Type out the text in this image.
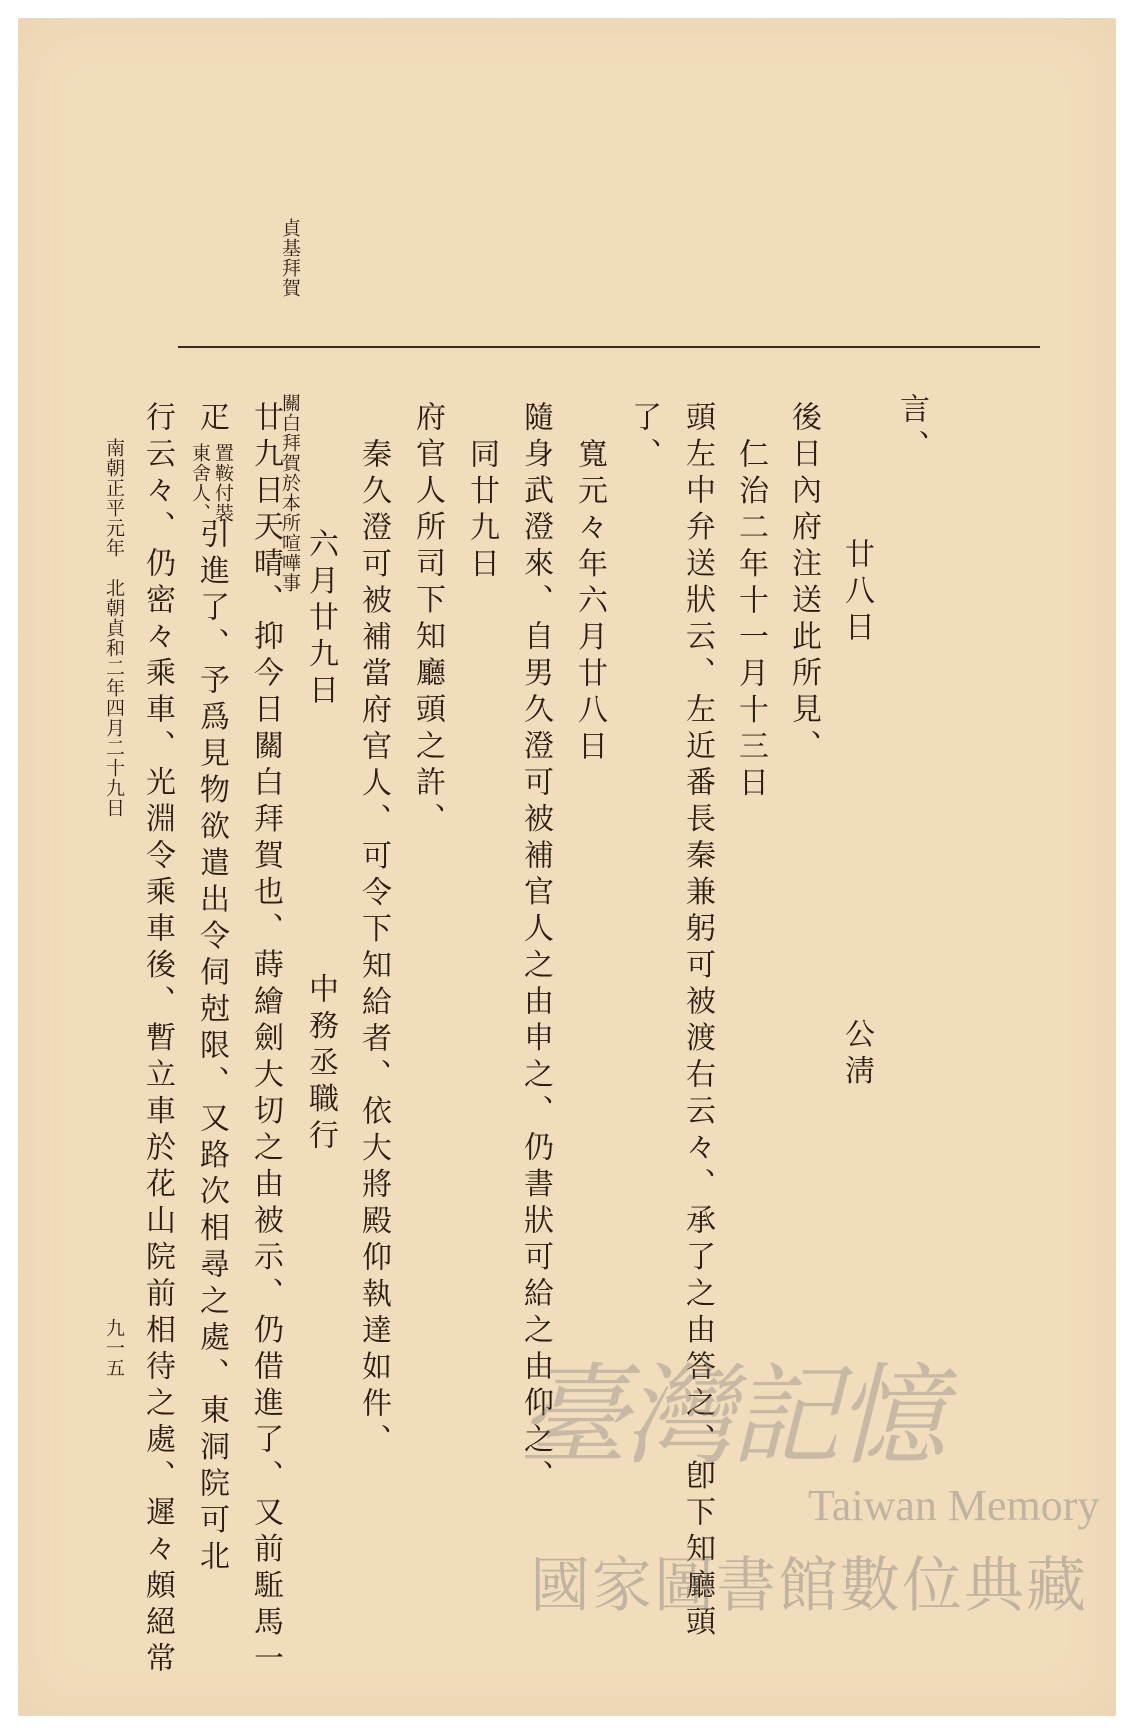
貞基拜賀
言、
廿八日
公淸
後日內府注送此所見、
仁治二年十一月十三日
頭左中弁送狀云、左近番長秦兼躬可被渡右云々、承了之由答之、卽下知廳頭
了、
寬元々年六月廿八日
隨身武澄來、自男久澄可被補官人之由申之、仍書狀可給之由仰之、
同廿九日
府官人所司下知廳頭之許、
秦久澄可被補當府官人、可令下知給者、依大將殿仰執達如件、
六月廿九日
中務丞職行
關白拜賀於本所喧嘩事
廿九日天晴、抑今日關白拜賀也、蒔繪劍大切之由被示、仍借進了、又前駈馬一
疋
置鞍付裝
東舍人、
引進了、予爲見物欲遣出令伺尅限、又路次相尋之處、東洞院可北
行云々、仍密々乘車、光淵令乘車後、暫立車於花山院前相待之處、遲々頗絕常
南朝正平元年　北朝貞和二年四月二十九日
九一五
臺灣記憶
Taiwan Memory
國家圖書館數位典藏
